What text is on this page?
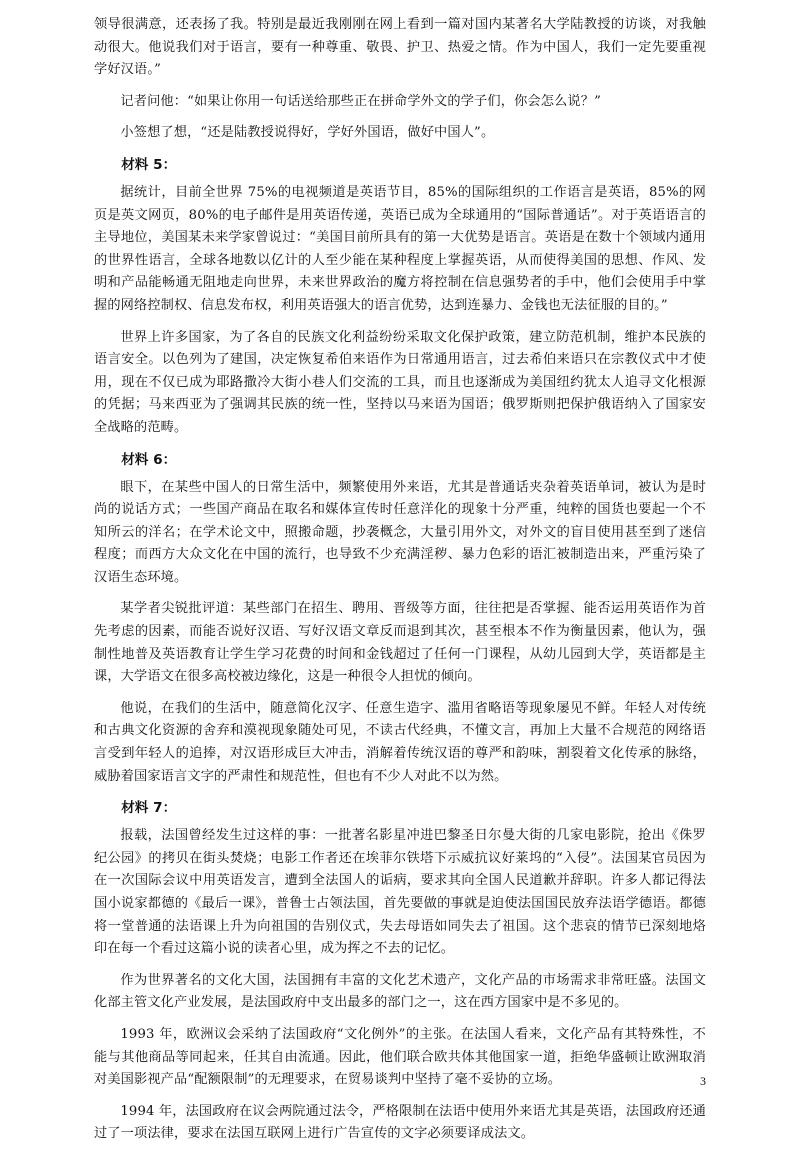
领导很满意，还表扬了我。特别是最近我刚刚在网上看到一篇对国内某著名大学陆教授的访谈，对我触动很大。他说我们对于语言，要有一种尊重、敬畏、护卫、热爱之情。作为中国人，我们一定先要重视学好汉语。”

记者问他：“如果让你用一句话送给那些正在拼命学外文的学子们，你会怎么说？”

小签想了想，“还是陆教授说得好，学好外国语，做好中国人”。

材料 5：

据统计，目前全世界 75%的电视频道是英语节目，85%的国际组织的工作语言是英语，85%的网页是英文网页，80%的电子邮件是用英语传递，英语已成为全球通用的“国际普通话”。对于英语语言的主导地位，美国某未来学家曾说过：“美国目前所具有的第一大优势是语言。英语是在数十个领域内通用的世界性语言，全球各地数以亿计的人至少能在某种程度上掌握英语，从而使得美国的思想、作风、发明和产品能畅通无阻地走向世界，未来世界政治的魔方将控制在信息强势者的手中，他们会使用手中掌握的网络控制权、信息发布权，利用英语强大的语言优势，达到连暴力、金钱也无法征服的目的。”

世界上许多国家，为了各自的民族文化利益纷纷采取文化保护政策，建立防范机制，维护本民族的语言安全。以色列为了建国，决定恢复希伯来语作为日常通用语言，过去希伯来语只在宗教仪式中才使用，现在不仅已成为耶路撒冷大街小巷人们交流的工具，而且也逐渐成为美国纽约犹太人追寻文化根源的凭据；马来西亚为了强调其民族的统一性，坚持以马来语为国语；俄罗斯则把保护俄语纳入了国家安全战略的范畴。

材料 6：

眼下，在某些中国人的日常生活中，频繁使用外来语，尤其是普通话夹杂着英语单词，被认为是时尚的说话方式；一些国产商品在取名和媒体宣传时任意洋化的现象十分严重，纯粹的国货也要起一个不知所云的洋名；在学术论文中，照搬命题，抄袭概念，大量引用外文，对外文的盲目使用甚至到了迷信程度；而西方大众文化在中国的流行，也导致不少充满淫秽、暴力色彩的语汇被制造出来，严重污染了汉语生态环境。

某学者尖锐批评道：某些部门在招生、聘用、晋级等方面，往往把是否掌握、能否运用英语作为首先考虑的因素，而能否说好汉语、写好汉语文章反而退到其次，甚至根本不作为衡量因素，他认为，强制性地普及英语教育让学生学习花费的时间和金钱超过了任何一门课程，从幼儿园到大学，英语都是主课，大学语文在很多高校被边缘化，这是一种很令人担忧的倾向。

他说，在我们的生活中，随意简化汉字、任意生造字、滥用省略语等现象屡见不鲜。年轻人对传统和古典文化资源的舍弃和漠视现象随处可见，不读古代经典，不懂文言，再加上大量不合规范的网络语言受到年轻人的追捧，对汉语形成巨大冲击，消解着传统汉语的尊严和韵味，割裂着文化传承的脉络，威胁着国家语言文字的严肃性和规范性，但也有不少人对此不以为然。

材料 7：

报载，法国曾经发生过这样的事：一批著名影星冲进巴黎圣日尔曼大街的几家电影院，抢出《侏罗纪公园》的拷贝在街头焚烧；电影工作者还在埃菲尔铁塔下示威抗议好莱坞的“入侵”。法国某官员因为在一次国际会议中用英语发言，遭到全法国人的诟病，要求其向全国人民道歉并辞职。许多人都记得法国小说家都德的《最后一课》，普鲁士占领法国，首先要做的事就是迫使法国国民放弃法语学德语。都德将一堂普通的法语课上升为向祖国的告别仪式，失去母语如同失去了祖国。这个悲哀的情节已深刻地烙印在每一个看过这篇小说的读者心里，成为挥之不去的记忆。

作为世界著名的文化大国，法国拥有丰富的文化艺术遗产，文化产品的市场需求非常旺盛。法国文化部主管文化产业发展，是法国政府中支出最多的部门之一，这在西方国家中是不多见的。

1993 年，欧洲议会采纳了法国政府“文化例外”的主张。在法国人看来，文化产品有其特殊性，不能与其他商品等同起来，任其自由流通。因此，他们联合欧共体其他国家一道，拒绝华盛顿让欧洲取消对美国影视产品“配额限制”的无理要求，在贸易谈判中坚持了毫不妥协的立场。

1994 年，法国政府在议会两院通过法令，严格限制在法语中使用外来语尤其是英语，法国政府还通过了一项法律，要求在法国互联网上进行广告宣传的文字必须要译成法文。

3
